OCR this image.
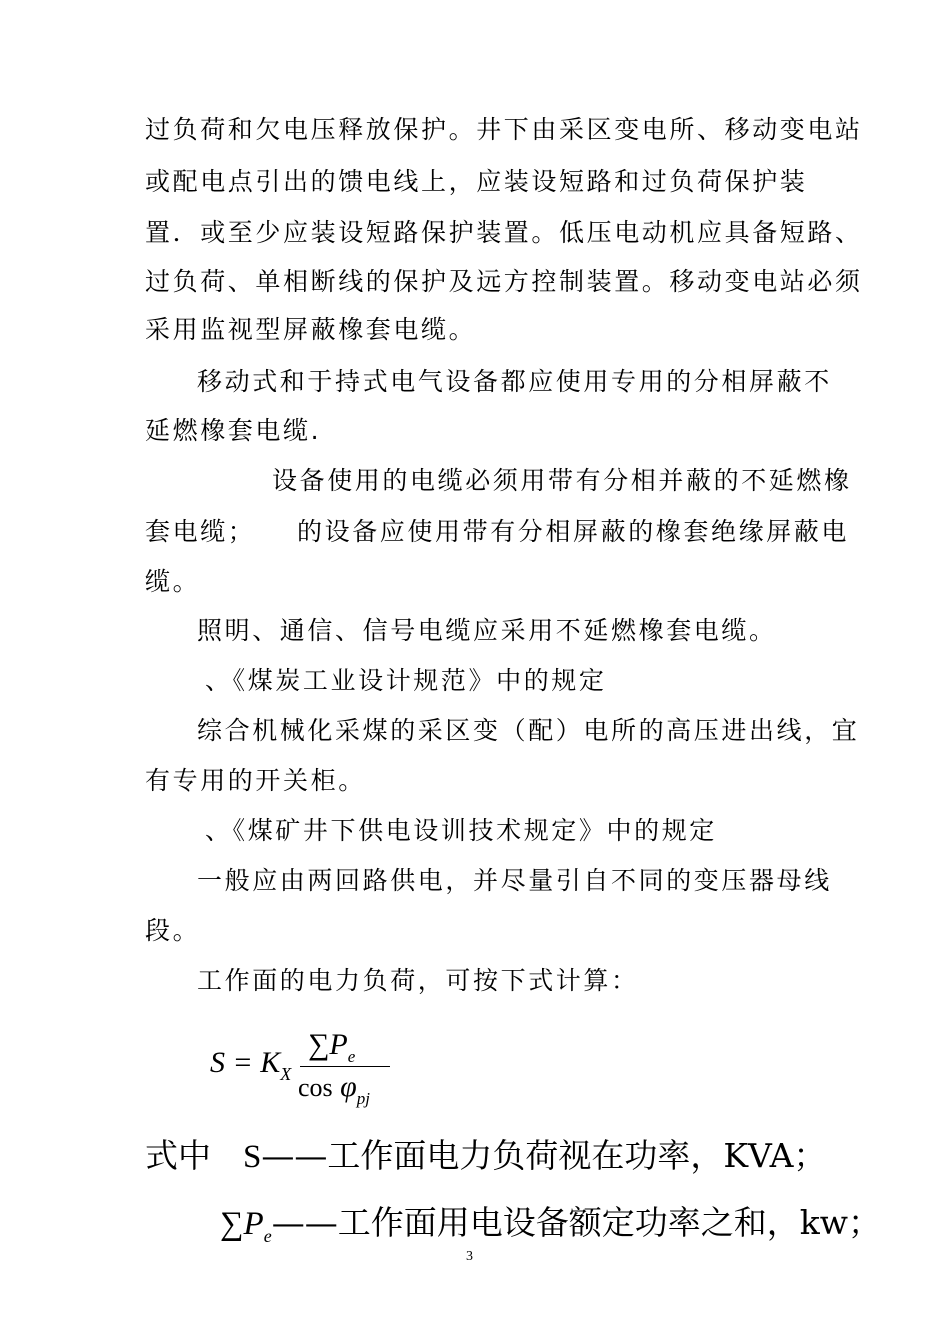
过负荷和欠电压释放保护。井下由采区变电所、移动变电站

或配电点引出的馈电线上，应装设短路和过负荷保护装

置．或至少应装设短路保护装置。低压电动机应具备短路、

过负荷、单相断线的保护及远方控制装置。移动变电站必须

采用监视型屏蔽橡套电缆。

移动式和于持式电气设备都应使用专用的分相屏蔽不

延燃橡套电缆.

设备使用的电缆必须用带有分相并蔽的不延燃橡

套电缆；	的设备应使用带有分相屏蔽的橡套绝缘屏蔽电

缆。

照明、通信、信号电缆应采用不延燃橡套电缆。

、《煤炭工业设计规范》中的规定

综合机械化采煤的采区变（配）电所的高压进出线，宜

有专用的开关柜。

、《煤矿井下供电设训技术规定》中的规定

一般应由两回路供电，并尽量引自不同的变压器母线

段。

工作面的电力负荷，可按下式计算：

$S = K_X$
$\sum P_e$
$\cos \varphi_{pj}$
式中 S——工作面电力负荷视在功率，KVA；
$\sum P_e——$工作面用电设备额定功率之和，kw；
3
